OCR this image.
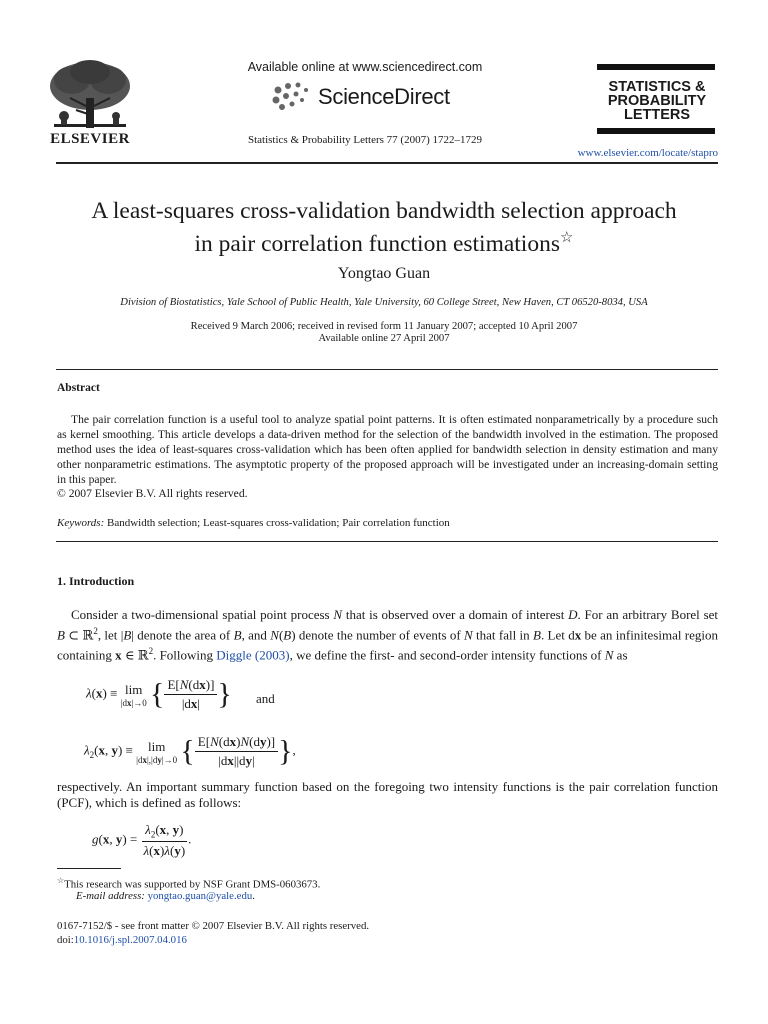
ELSEVIER
Available online at www.sciencedirect.com
ScienceDirect
Statistics & Probability Letters 77 (2007) 1722–1729
STATISTICS &
PROBABILITY
LETTERS
www.elsevier.com/locate/stapro
A least-squares cross-validation bandwidth selection approach
in pair correlation function estimations☆
Yongtao Guan
Division of Biostatistics, Yale School of Public Health, Yale University, 60 College Street, New Haven, CT 06520-8034, USA
Received 9 March 2006; received in revised form 11 January 2007; accepted 10 April 2007
Available online 27 April 2007
Abstract
The pair correlation function is a useful tool to analyze spatial point patterns. It is often estimated nonparametrically by a procedure such as kernel smoothing. This article develops a data-driven method for the selection of the bandwidth involved in the estimation. The proposed method uses the idea of least-squares cross-validation which has been often applied for bandwidth selection in density estimation and many other nonparametric estimations. The asymptotic property of the proposed approach will be investigated under an increasing-domain setting in this paper.
© 2007 Elsevier B.V. All rights reserved.
Keywords: Bandwidth selection; Least-squares cross-validation; Pair correlation function
1. Introduction
Consider a two-dimensional spatial point process N that is observed over a domain of interest D. For an arbitrary Borel set B ⊂ ℝ$^2$, let |B| denote the area of B, and N(B) denote the number of events of N that fall in B. Let dx be an infinitesimal region containing x ∈ ℝ$^2$. Following Diggle (2003), we define the first- and second-order intensity functions of N as
λ(x) ≡ lim
|dx|→0 { $\frac{E[N(dx)]}{|dx|}$ } and
$\lambda_2(x$, y) ≡ lim
|dx|,|dy|→0 { $\frac{E[N(dx)N(dy)]}{|dx||dy|}$ },
respectively. An important summary function based on the foregoing two intensity functions is the pair correlation function (PCF), which is defined as follows:
g(x, $y) = \frac{\lambda_2(x, y)}{\lambda(x)\lambda(y)}$ .
☆This research was supported by NSF Grant DMS-0603673.
E-mail address: yongtao.guan@yale.edu.
0167-7152/$ - see front matter © 2007 Elsevier B.V. All rights reserved.
doi:10.1016/j.spl.2007.04.016
